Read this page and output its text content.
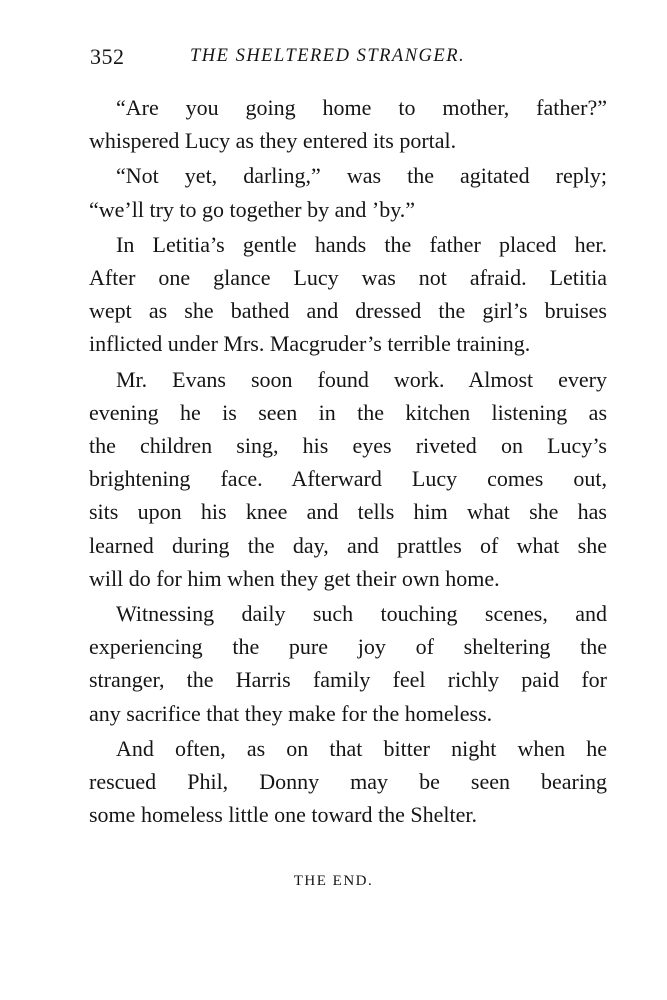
352	THE SHELTERED STRANGER.

“Are you going home to mother, father?”
whispered Lucy as they entered its portal.

“Not yet, darling,” was the agitated reply;
“we’ll try to go together by and ’by.”

In Letitia’s gentle hands the father placed her.
After one glance Lucy was not afraid. Letitia
wept as she bathed and dressed the girl’s bruises
inflicted under Mrs. Macgruder’s terrible training.

Mr. Evans soon found work. Almost every
evening he is seen in the kitchen listening as
the children sing, his eyes riveted on Lucy’s
brightening face. Afterward Lucy comes out,
sits upon his knee and tells him what she has
learned during the day, and prattles of what she
will do for him when they get their own home.

Witnessing daily such touching scenes, and
experiencing the pure joy of sheltering the
stranger, the Harris family feel richly paid for
any sacrifice that they make for the homeless.

And often, as on that bitter night when he
rescued Phil, Donny may be seen bearing
some homeless little one toward the Shelter.

THE END.
